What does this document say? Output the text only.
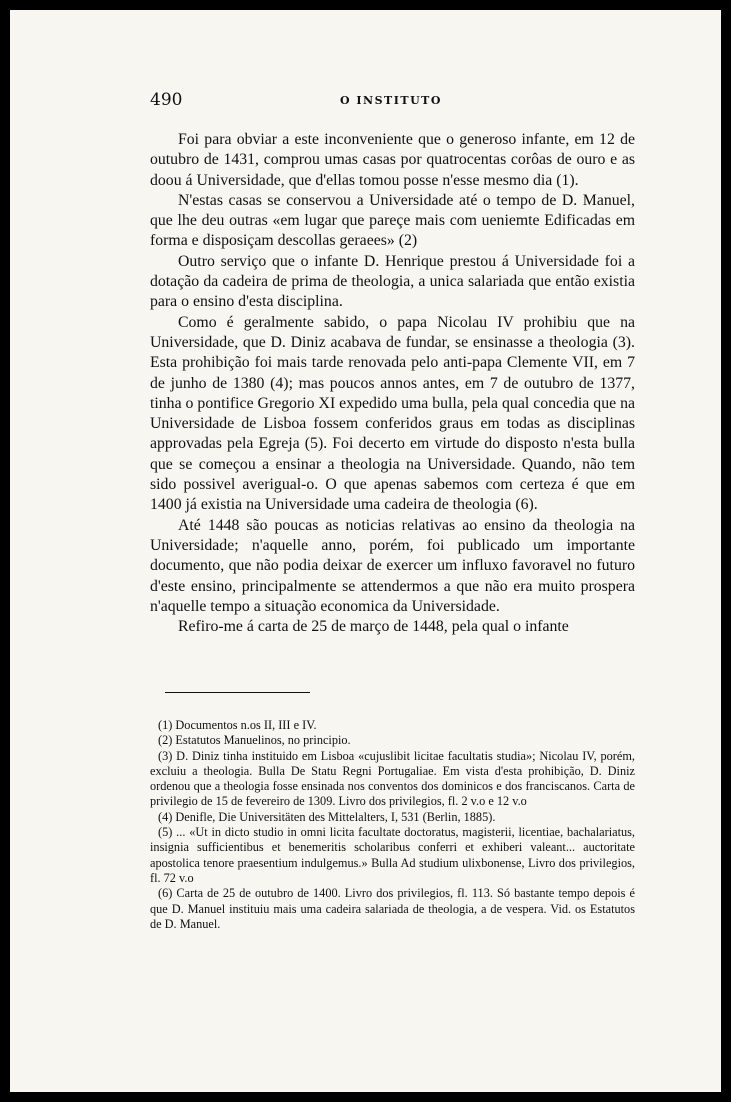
490	O INSTITUTO

Foi para obviar a este inconveniente que o generoso infante, em 12 de outubro de 1431, comprou umas casas por quatrocentas corôas de ouro e as doou á Universidade, que d'ellas tomou posse n'esse mesmo dia (1).

N'estas casas se conservou a Universidade até o tempo de D. Manuel, que lhe deu outras «em lugar que pareçe mais com ueniemte Edificadas em forma e disposiçam descollas geraees» (2)

Outro serviço que o infante D. Henrique prestou á Universidade foi a dotação da cadeira de prima de theologia, a unica salariada que então existia para o ensino d'esta disciplina.

Como é geralmente sabido, o papa Nicolau IV prohibiu que na Universidade, que D. Diniz acabava de fundar, se ensinasse a theologia (3). Esta prohibição foi mais tarde renovada pelo anti-papa Clemente VII, em 7 de junho de 1380 (4); mas poucos annos antes, em 7 de outubro de 1377, tinha o pontifice Gregorio XI expedido uma bulla, pela qual concedia que na Universidade de Lisboa fossem conferidos graus em todas as disciplinas approvadas pela Egreja (5). Foi decerto em virtude do disposto n'esta bulla que se começou a ensinar a theologia na Universidade. Quando, não tem sido possivel averigual-o. O que apenas sabemos com certeza é que em 1400 já existia na Universidade uma cadeira de theologia (6).

Até 1448 são poucas as noticias relativas ao ensino da theologia na Universidade; n'aquelle anno, porém, foi publicado um importante documento, que não podia deixar de exercer um influxo favoravel no futuro d'este ensino, principalmente se attendermos a que não era muito prospera n'aquelle tempo a situação economica da Universidade.

Refiro-me á carta de 25 de março de 1448, pela qual o infante

(1) Documentos n.os II, III e IV.

(2) Estatutos Manuelinos, no principio.

(3) D. Diniz tinha instituido em Lisboa «cujuslibit licitae facultatis studia»; Nicolau IV, porém, excluiu a theologia. Bulla De Statu Regni Portugaliae. Em vista d'esta prohibição, D. Diniz ordenou que a theologia fosse ensinada nos conventos dos dominicos e dos franciscanos. Carta de privilegio de 15 de fevereiro de 1309. Livro dos privilegios, fl. 2 v.o e 12 v.o

(4) Denifle, Die Universitäten des Mittelalters, I, 531 (Berlin, 1885).

(5) ... «Ut in dicto studio in omni licita facultate doctoratus, magisterii, licentiae, bachalariatus, insignia sufficientibus et benemeritis scholaribus conferri et exhiberi valeant... auctoritate apostolica tenore praesentium indulgemus.» Bulla Ad studium ulixbonense, Livro dos privilegios, fl. 72 v.o

(6) Carta de 25 de outubro de 1400. Livro dos privilegios, fl. 113. Só bastante tempo depois é que D. Manuel instituiu mais uma cadeira salariada de theologia, a de vespera. Vid. os Estatutos de D. Manuel.
